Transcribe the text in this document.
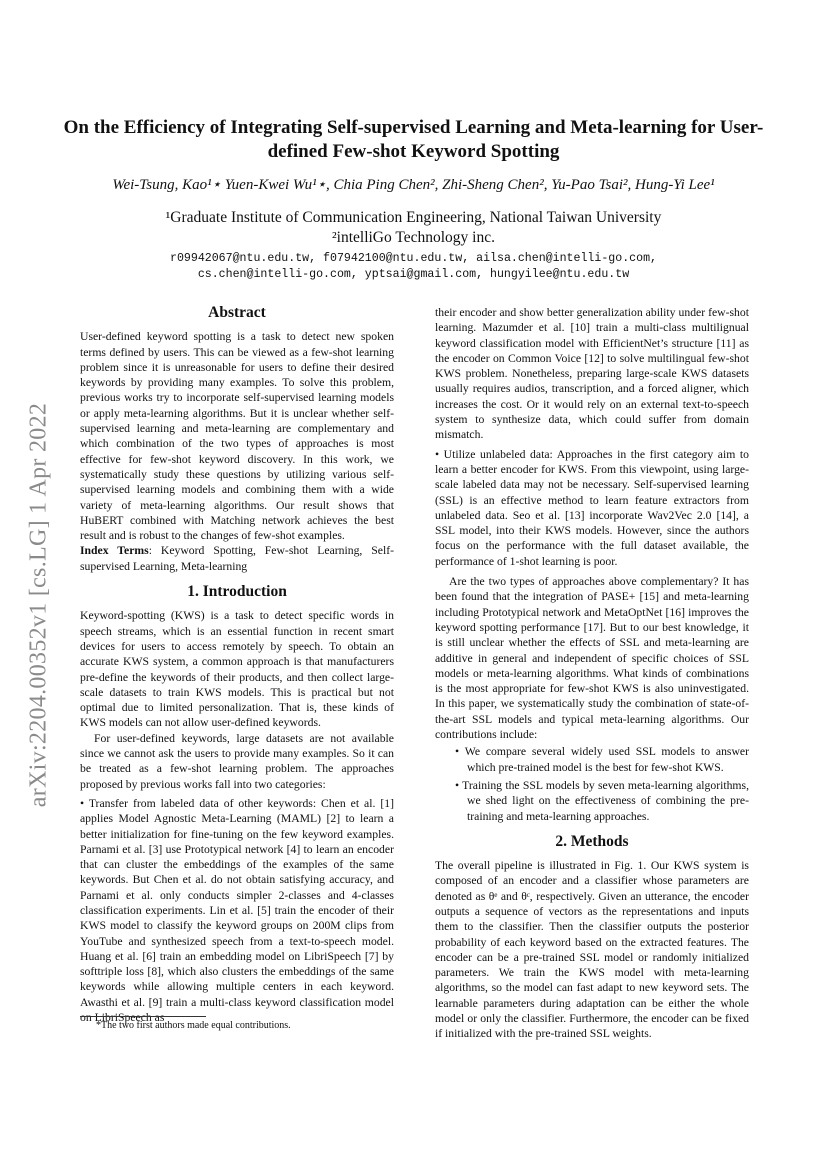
arXiv:2204.00352v1 [cs.LG] 1 Apr 2022
On the Efficiency of Integrating Self-supervised Learning and Meta-learning for User-defined Few-shot Keyword Spotting
Wei-Tsung, Kao¹⋆ Yuen-Kwei Wu¹⋆, Chia Ping Chen², Zhi-Sheng Chen², Yu-Pao Tsai², Hung-Yi Lee¹
¹Graduate Institute of Communication Engineering, National Taiwan University
²intelliGo Technology inc.
r09942067@ntu.edu.tw, f07942100@ntu.edu.tw, ailsa.chen@intelli-go.com,
cs.chen@intelli-go.com, yptsai@gmail.com, hungyilee@ntu.edu.tw
Abstract

User-defined keyword spotting is a task to detect new spoken terms defined by users. This can be viewed as a few-shot learning problem since it is unreasonable for users to define their desired keywords by providing many examples. To solve this problem, previous works try to incorporate self-supervised learning models or apply meta-learning algorithms. But it is unclear whether self-supervised learning and meta-learning are complementary and which combination of the two types of approaches is most effective for few-shot keyword discovery. In this work, we systematically study these questions by utilizing various self-supervised learning models and combining them with a wide variety of meta-learning algorithms. Our result shows that HuBERT combined with Matching network achieves the best result and is robust to the changes of few-shot examples.

Index Terms: Keyword Spotting, Few-shot Learning, Self-supervised Learning, Meta-learning

1. Introduction

Keyword-spotting (KWS) is a task to detect specific words in speech streams, which is an essential function in recent smart devices for users to access remotely by speech. To obtain an accurate KWS system, a common approach is that manufacturers pre-define the keywords of their products, and then collect large-scale datasets to train KWS models. This is practical but not optimal due to limited personalization. That is, these kinds of KWS models can not allow user-defined keywords.

For user-defined keywords, large datasets are not available since we cannot ask the users to provide many examples. So it can be treated as a few-shot learning problem. The approaches proposed by previous works fall into two categories:

• Transfer from labeled data of other keywords: Chen et al. [1] applies Model Agnostic Meta-Learning (MAML) [2] to learn a better initialization for fine-tuning on the few keyword examples. Parnami et al. [3] use Prototypical network [4] to learn an encoder that can cluster the embeddings of the examples of the same keywords. But Chen et al. do not obtain satisfying accuracy, and Parnami et al. only conducts simpler 2-classes and 4-classes classification experiments. Lin et al. [5] train the encoder of their KWS model to classify the keyword groups on 200M clips from YouTube and synthesized speech from a text-to-speech model. Huang et al. [6] train an embedding model on LibriSpeech [7] by softtriple loss [8], which also clusters the embeddings of the same keywords while allowing multiple centers in each keyword. Awasthi et al. [9] train a multi-class keyword classification model on LibriSpeech as

their encoder and show better generalization ability under few-shot learning. Mazumder et al. [10] train a multi-class multilignual keyword classification model with EfficientNet’s structure [11] as the encoder on Common Voice [12] to solve multilingual few-shot KWS problem. Nonetheless, preparing large-scale KWS datasets usually requires audios, transcription, and a forced aligner, which increases the cost. Or it would rely on an external text-to-speech system to synthesize data, which could suffer from domain mismatch.

• Utilize unlabeled data: Approaches in the first category aim to learn a better encoder for KWS. From this viewpoint, using large-scale labeled data may not be necessary. Self-supervised learning (SSL) is an effective method to learn feature extractors from unlabeled data. Seo et al. [13] incorporate Wav2Vec 2.0 [14], a SSL model, into their KWS models. However, since the authors focus on the performance with the full dataset available, the performance of 1-shot learning is poor.

Are the two types of approaches above complementary? It has been found that the integration of PASE+ [15] and meta-learning including Prototypical network and MetaOptNet [16] improves the keyword spotting performance [17]. But to our best knowledge, it is still unclear whether the effects of SSL and meta-learning are additive in general and independent of specific choices of SSL models or meta-learning algorithms. What kinds of combinations is the most appropriate for few-shot KWS is also uninvestigated. In this paper, we systematically study the combination of state-of-the-art SSL models and typical meta-learning algorithms. Our contributions include:

• We compare several widely used SSL models to answer which pre-trained model is the best for few-shot KWS.

• Training the SSL models by seven meta-learning algorithms, we shed light on the effectiveness of combining the pre-training and meta-learning approaches.

2. Methods

The overall pipeline is illustrated in Fig. 1. Our KWS system is composed of an encoder and a classifier whose parameters are denoted as θᵉ and θᶜ, respectively. Given an utterance, the encoder outputs a sequence of vectors as the representations and inputs them to the classifier. Then the classifier outputs the posterior probability of each keyword based on the extracted features. The encoder can be a pre-trained SSL model or randomly initialized parameters. We train the KWS model with meta-learning algorithms, so the model can fast adapt to new keyword sets. The learnable parameters during adaptation can be either the whole model or only the classifier. Furthermore, the encoder can be fixed if initialized with the pre-trained SSL weights.

*The two first authors made equal contributions.
